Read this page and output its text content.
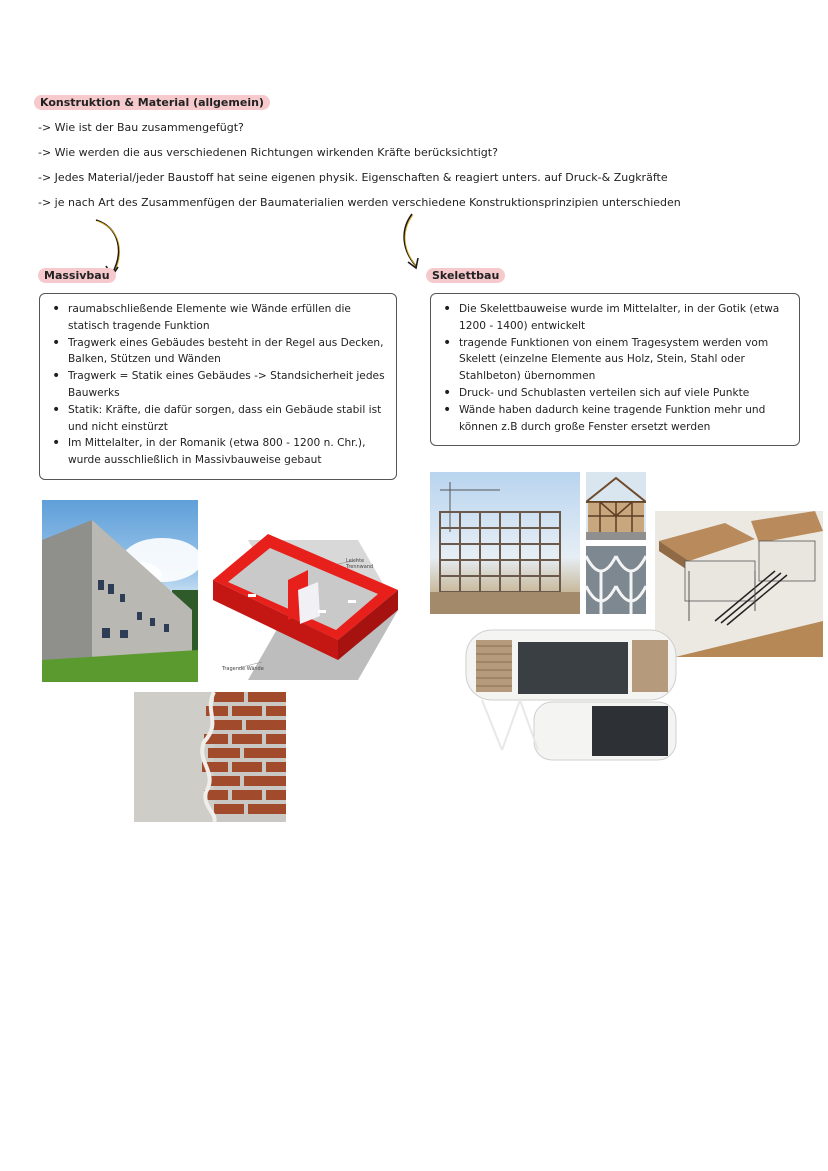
Konstruktion & Material (allgemein)
-> Wie ist der Bau zusammengefügt?
-> Wie werden die aus verschiedenen Richtungen wirkenden Kräfte berücksichtigt?
-> Jedes Material/jeder Baustoff hat seine eigenen physik. Eigenschaften & reagiert unters. auf Druck-& Zugkräfte
-> je nach Art des Zusammenfügen der Baumaterialien werden verschiedene Konstruktionsprinzipien unterschieden
Massivbau	Skelettbau
• raumabschließende Elemente wie Wände erfüllen die statisch tragende Funktion
• Tragwerk eines Gebäudes besteht in der Regel aus Decken, Balken, Stützen und Wänden
• Tragwerk = Statik eines Gebäudes -> Standsicherheit jedes Bauwerks
• Statik: Kräfte, die dafür sorgen, dass ein Gebäude stabil ist und nicht einstürzt
• Im Mittelalter, in der Romanik (etwa 800 - 1200 n. Chr.), wurde ausschließlich in Massivbauweise gebaut
• Die Skelettbauweise wurde im Mittelalter, in der Gotik (etwa 1200 - 1400) entwickelt
• tragende Funktionen von einem Tragesystem werden vom Skelett (einzelne Elemente aus Holz, Stein, Stahl oder Stahlbeton) übernommen
• Druck- und Schublasten verteilen sich auf viele Punkte
• Wände haben dadurch keine tragende Funktion mehr und können z.B durch große Fenster ersetzt werden
Tragende Wände
Leichte Trennwand
